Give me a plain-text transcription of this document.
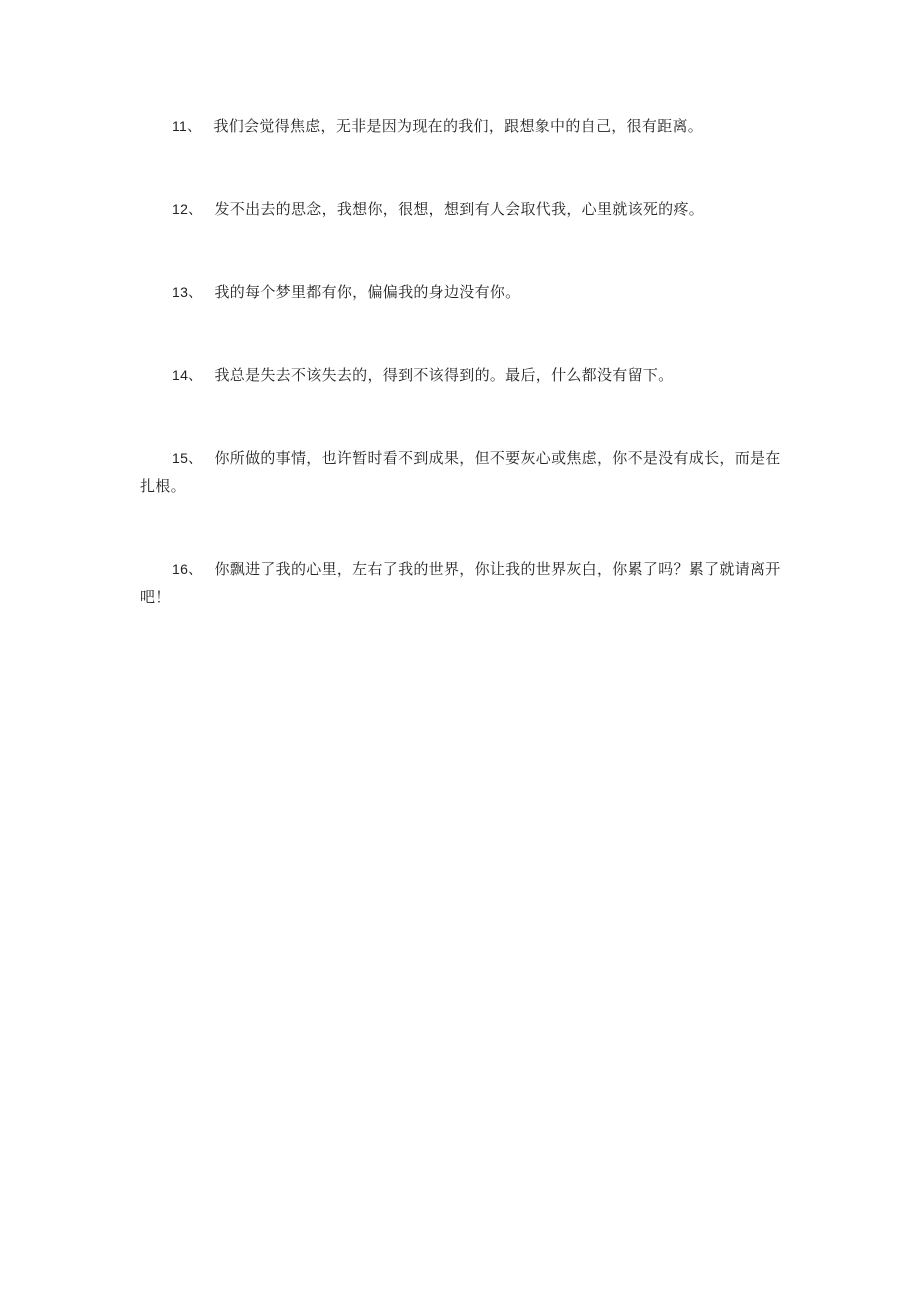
11、 我们会觉得焦虑，无非是因为现在的我们，跟想象中的自己，很有距离。

12、 发不出去的思念，我想你，很想，想到有人会取代我，心里就该死的疼。

13、 我的每个梦里都有你，偏偏我的身边没有你。

14、 我总是失去不该失去的，得到不该得到的。最后，什么都没有留下。

15、 你所做的事情，也许暂时看不到成果，但不要灰心或焦虑，你不是没有成长，而是在扎根。

16、 你飘进了我的心里，左右了我的世界，你让我的世界灰白，你累了吗？累了就请离开吧！
